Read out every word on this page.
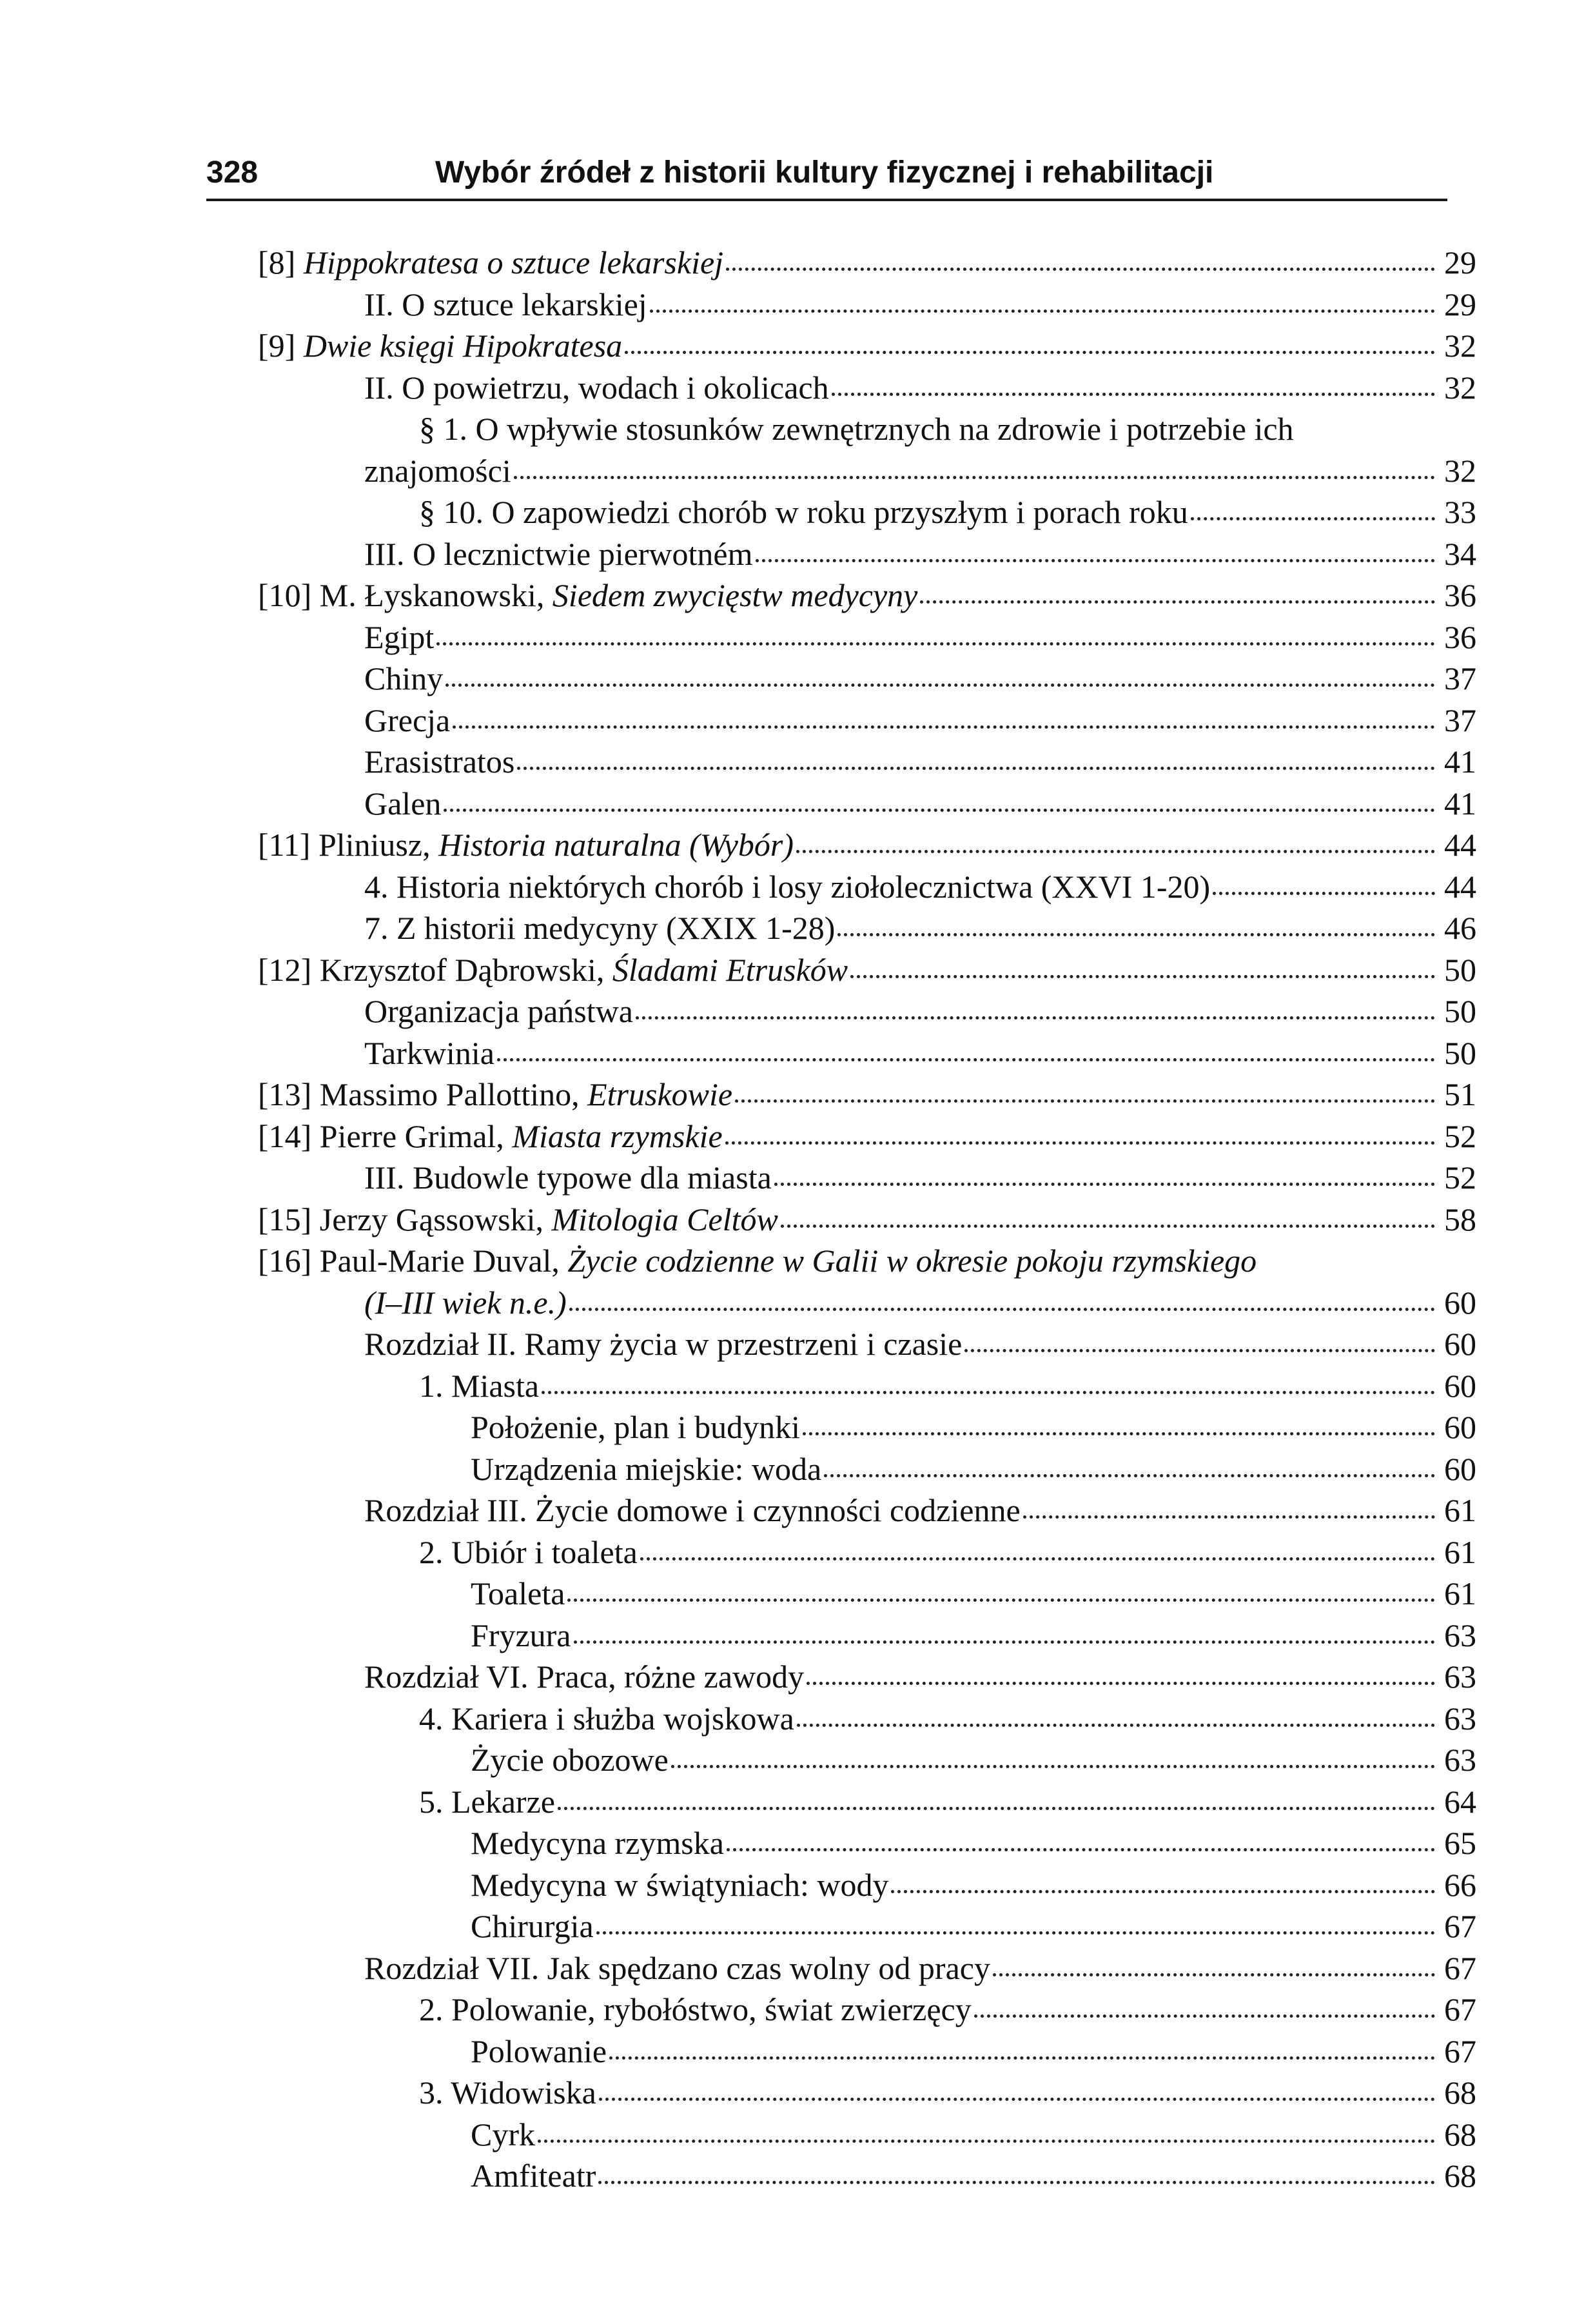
328	Wybór źródeł z historii kultury fizycznej i rehabilitacji
[8] Hippokratesa o sztuce lekarskiej	29
II. O sztuce lekarskiej	29
[9] Dwie księgi Hipokratesa	32
II. O powietrzu, wodach i okolicach	32
§ 1. O wpływie stosunków zewnętrznych na zdrowie i potrzebie ich
znajomości	32
§ 10. O zapowiedzi chorób w roku przyszłym i porach roku	33
III. O lecznictwie pierwotném	34
[10] M. Łyskanowski, Siedem zwycięstw medycyny	36
Egipt	36
Chiny	37
Grecja	37
Erasistratos	41
Galen	41
[11] Pliniusz, Historia naturalna (Wybór)	44
4. Historia niektórych chorób i losy ziołolecznictwa (XXVI 1-20)	44
7. Z historii medycyny (XXIX 1-28)	46
[12] Krzysztof Dąbrowski, Śladami Etrusków	50
Organizacja państwa	50
Tarkwinia	50
[13] Massimo Pallottino, Etruskowie	51
[14] Pierre Grimal, Miasta rzymskie	52
III. Budowle typowe dla miasta	52
[15] Jerzy Gąssowski, Mitologia Celtów	58
[16] Paul-Marie Duval, Życie codzienne w Galii w okresie pokoju rzymskiego
(I–III wiek n.e.)	60
Rozdział II. Ramy życia w przestrzeni i czasie	60
1. Miasta	60
Położenie, plan i budynki	60
Urządzenia miejskie: woda	60
Rozdział III. Życie domowe i czynności codzienne	61
2. Ubiór i toaleta	61
Toaleta	61
Fryzura	63
Rozdział VI. Praca, różne zawody	63
4. Kariera i służba wojskowa	63
Życie obozowe	63
5. Lekarze	64
Medycyna rzymska	65
Medycyna w świątyniach: wody	66
Chirurgia	67
Rozdział VII. Jak spędzano czas wolny od pracy	67
2. Polowanie, rybołóstwo, świat zwierzęcy	67
Polowanie	67
3. Widowiska	68
Cyrk	68
Amfiteatr	68
